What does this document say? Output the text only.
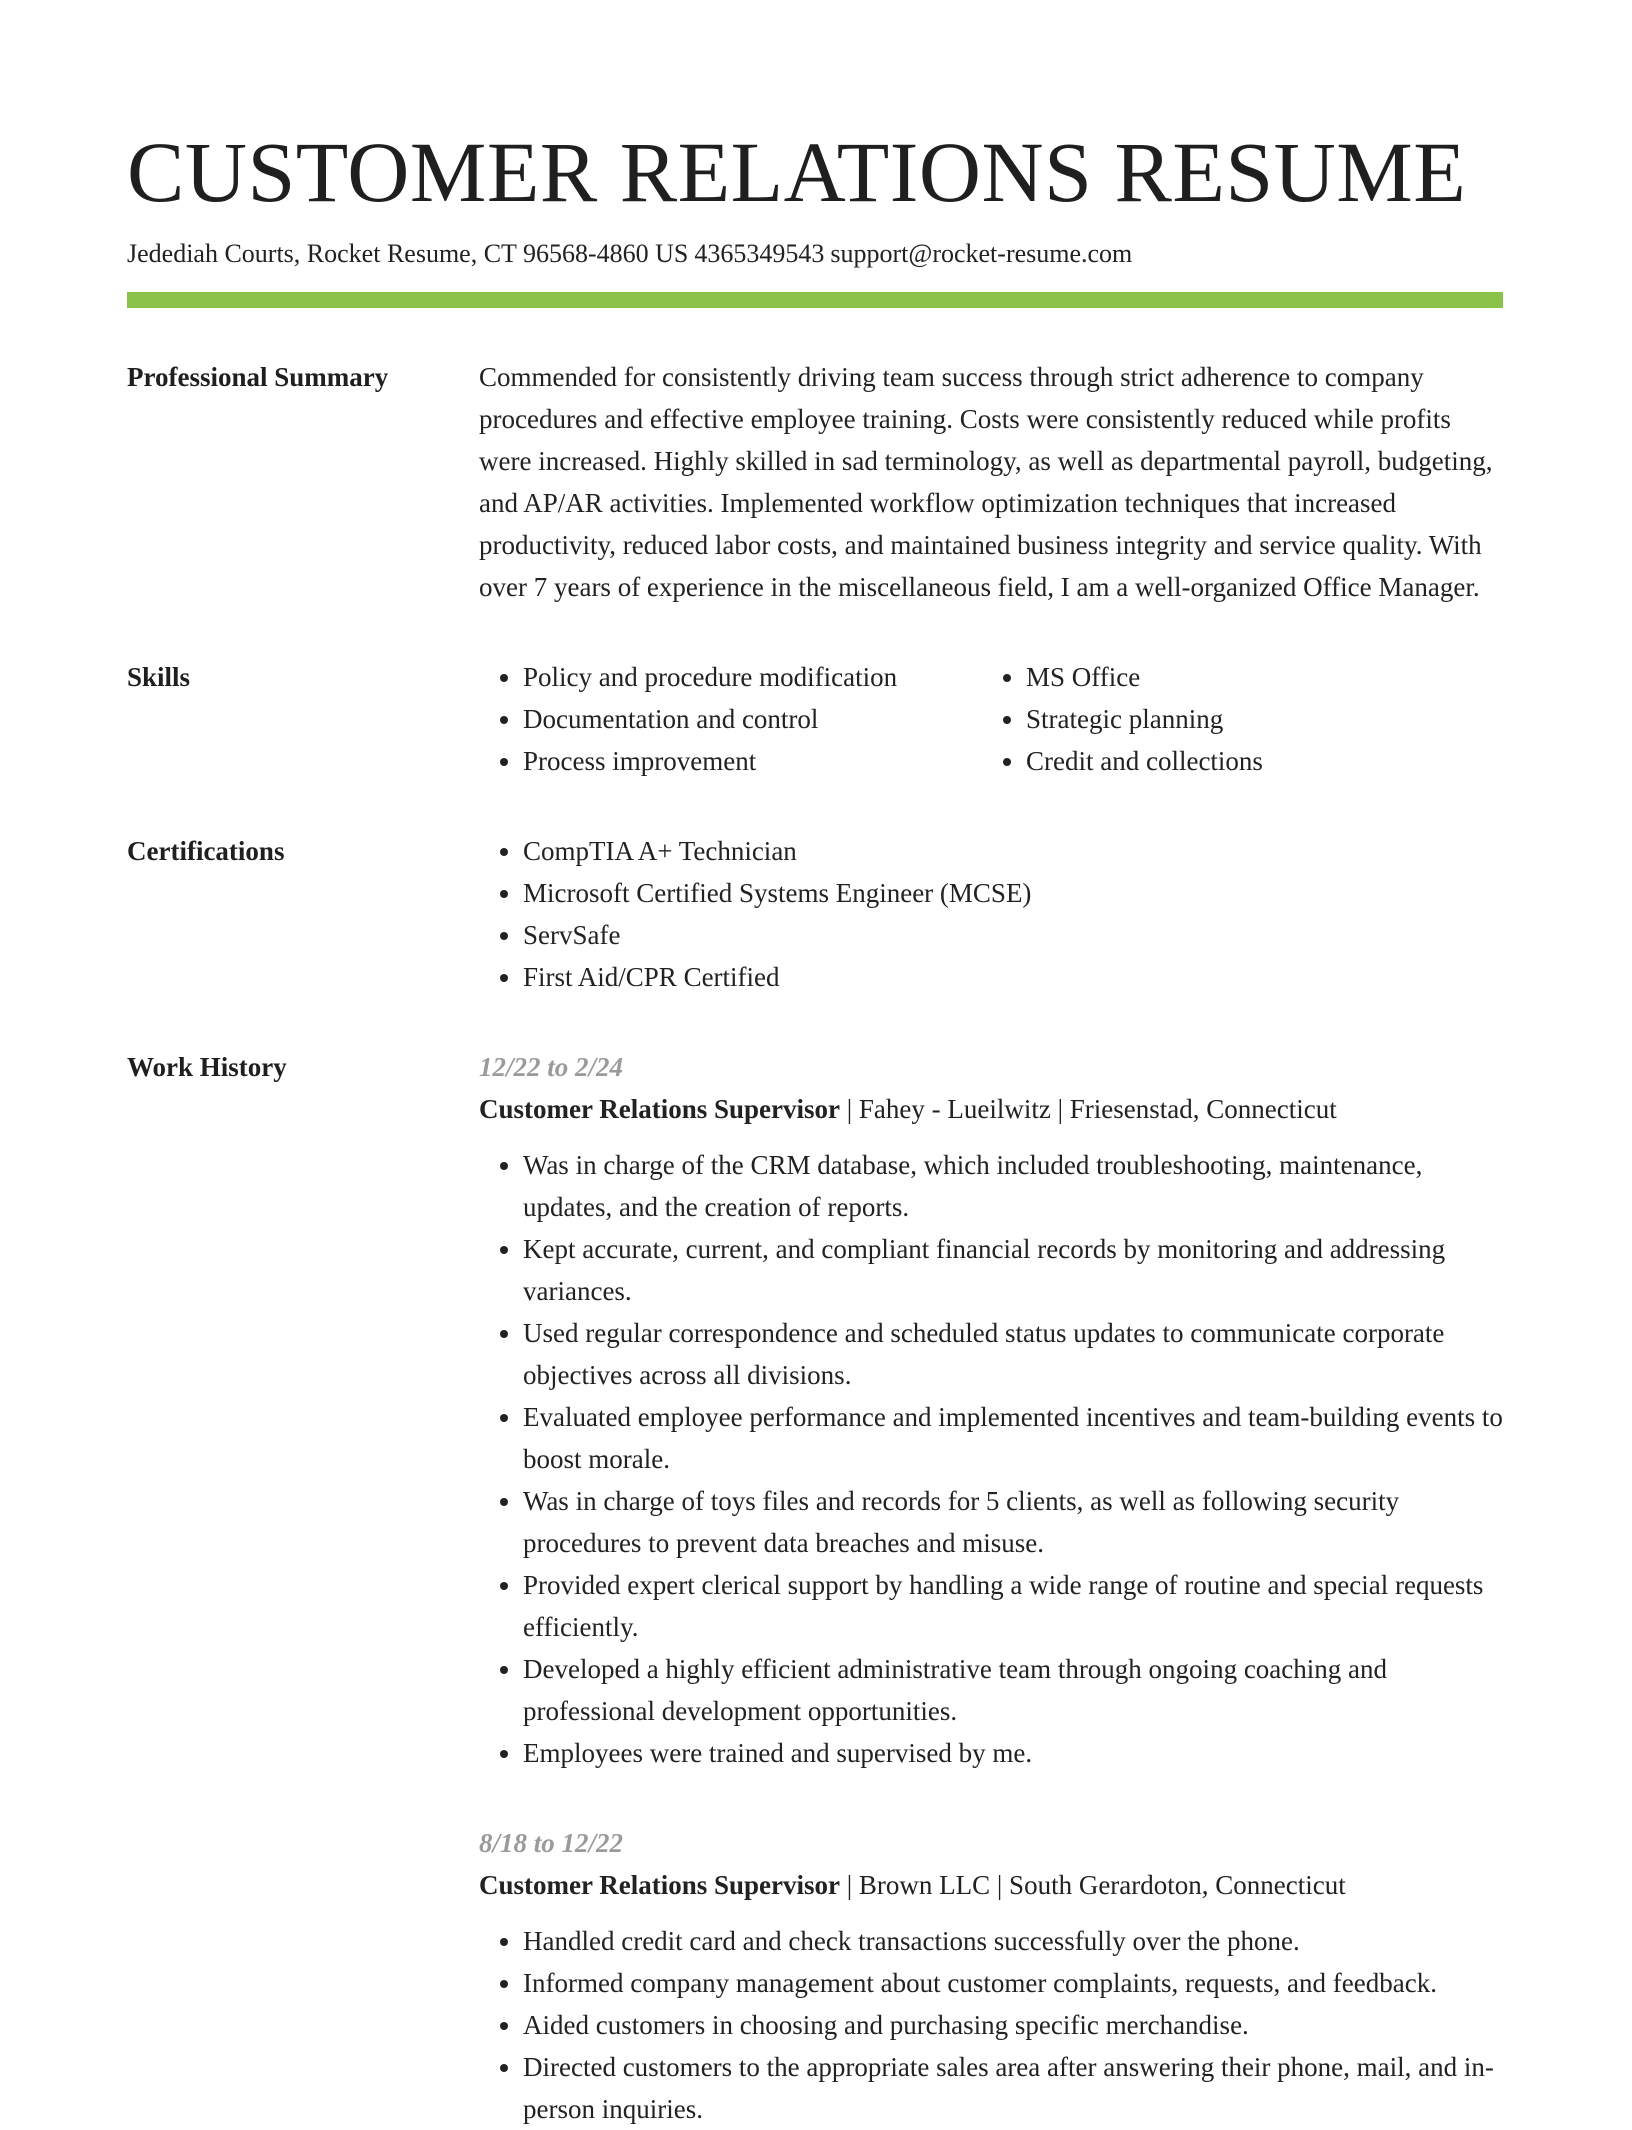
CUSTOMER RELATIONS RESUME
Jedediah Courts, Rocket Resume, CT 96568-4860 US 4365349543 support@rocket-resume.com
Professional Summary	Commended for consistently driving team success through strict adherence to company procedures and effective employee training. Costs were consistently reduced while profits were increased. Highly skilled in sad terminology, as well as departmental payroll, budgeting, and AP/AR activities. Implemented workflow optimization techniques that increased productivity, reduced labor costs, and maintained business integrity and service quality. With over 7 years of experience in the miscellaneous field, I am a well-organized Office Manager.

Skills	• Policy and procedure modification
• Documentation and control
• Process improvement
• MS Office
• Strategic planning
• Credit and collections
Certifications	• CompTIA A+ Technician
• Microsoft Certified Systems Engineer (MCSE)
• ServSafe
• First Aid/CPR Certified
Work History	12/22 to 2/24
Customer Relations Supervisor | Fahey - Lueilwitz | Friesenstad, Connecticut
• Was in charge of the CRM database, which included troubleshooting, maintenance, updates, and the creation of reports.
• Kept accurate, current, and compliant financial records by monitoring and addressing variances.
• Used regular correspondence and scheduled status updates to communicate corporate objectives across all divisions.
• Evaluated employee performance and implemented incentives and team-building events to boost morale.
• Was in charge of toys files and records for 5 clients, as well as following security procedures to prevent data breaches and misuse.
• Provided expert clerical support by handling a wide range of routine and special requests efficiently.
• Developed a highly efficient administrative team through ongoing coaching and professional development opportunities.
• Employees were trained and supervised by me.
8/18 to 12/22
Customer Relations Supervisor | Brown LLC | South Gerardoton, Connecticut
• Handled credit card and check transactions successfully over the phone.
• Informed company management about customer complaints, requests, and feedback.
• Aided customers in choosing and purchasing specific merchandise.
• Directed customers to the appropriate sales area after answering their phone, mail, and in-person inquiries.
